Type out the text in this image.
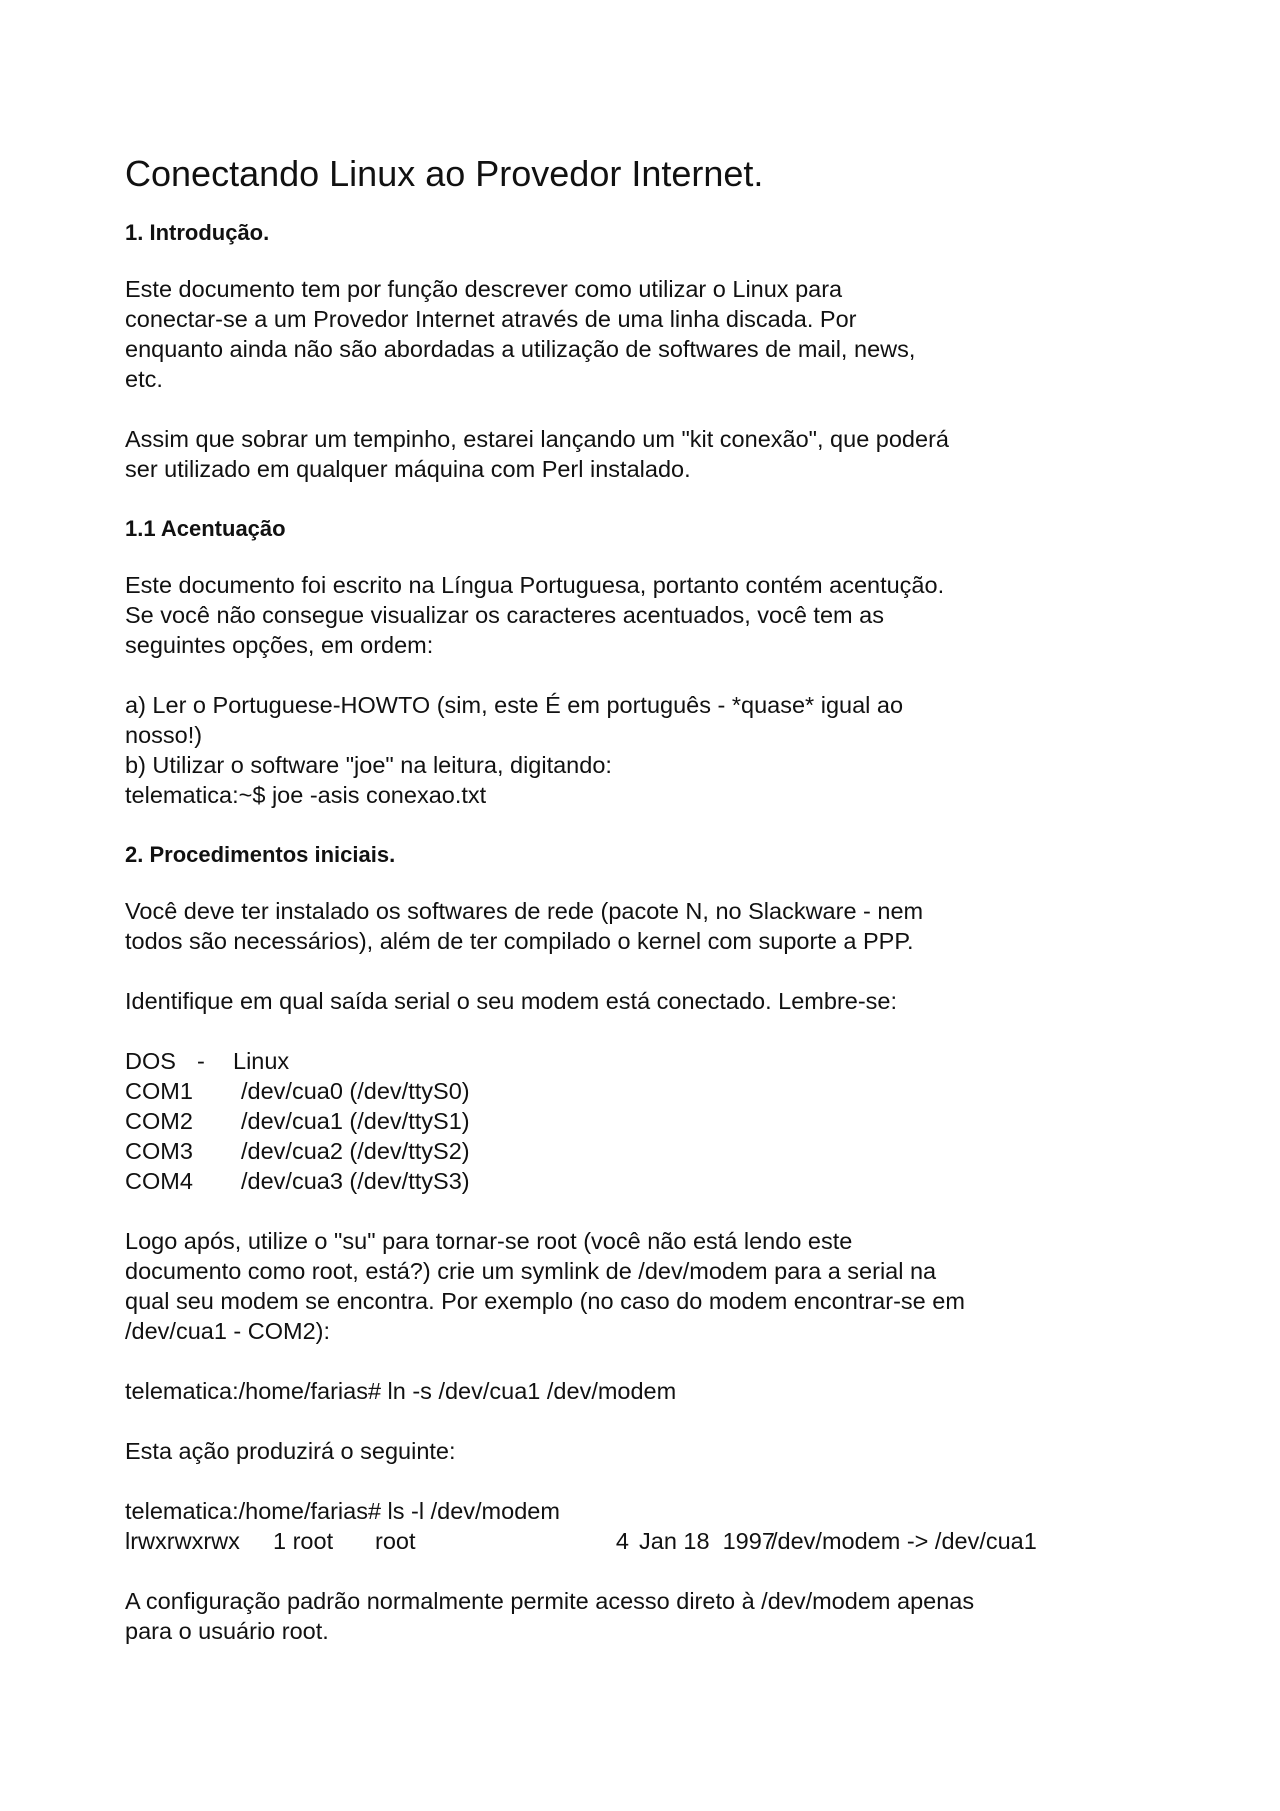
Conectando Linux ao Provedor Internet.
1. Introdução.
Este documento tem por função descrever como utilizar o Linux para
conectar-se a um Provedor Internet através de uma linha discada. Por
enquanto ainda não são abordadas a utilização de softwares de mail, news,
etc.
Assim que sobrar um tempinho, estarei lançando um "kit conexão", que poderá
ser utilizado em qualquer máquina com Perl instalado.
1.1 Acentuação
Este documento foi escrito na Língua Portuguesa, portanto contém acentução.
Se você não consegue visualizar os caracteres acentuados, você tem as
seguintes opções, em ordem:
a) Ler o Portuguese-HOWTO (sim, este É em português - *quase* igual ao
nosso!)
b) Utilizar o software "joe" na leitura, digitando:
telematica:~$ joe -asis conexao.txt
2. Procedimentos iniciais.
Você deve ter instalado os softwares de rede (pacote N, no Slackware - nem
todos são necessários), além de ter compilado o kernel com suporte a PPP.
Identifique em qual saída serial o seu modem está conectado. Lembre-se:
DOS -	Linux
COM1	/dev/cua0 (/dev/ttyS0)
COM2	/dev/cua1 (/dev/ttyS1)
COM3	/dev/cua2 (/dev/ttyS2)
COM4	/dev/cua3 (/dev/ttyS3)
Logo após, utilize o "su" para tornar-se root (você não está lendo este
documento como root, está?) crie um symlink de /dev/modem para a serial na
qual seu modem se encontra. Por exemplo (no caso do modem encontrar-se em
/dev/cua1 - COM2):
telematica:/home/farias# ln -s /dev/cua1 /dev/modem
Esta ação produzirá o seguinte:
telematica:/home/farias# ls -l /dev/modem
lrwxrwxrwx	1 root	root	4 Jan 18  1997
/dev/modem -> /dev/cua1
A configuração padrão normalmente permite acesso direto à /dev/modem apenas
para o usuário root.
